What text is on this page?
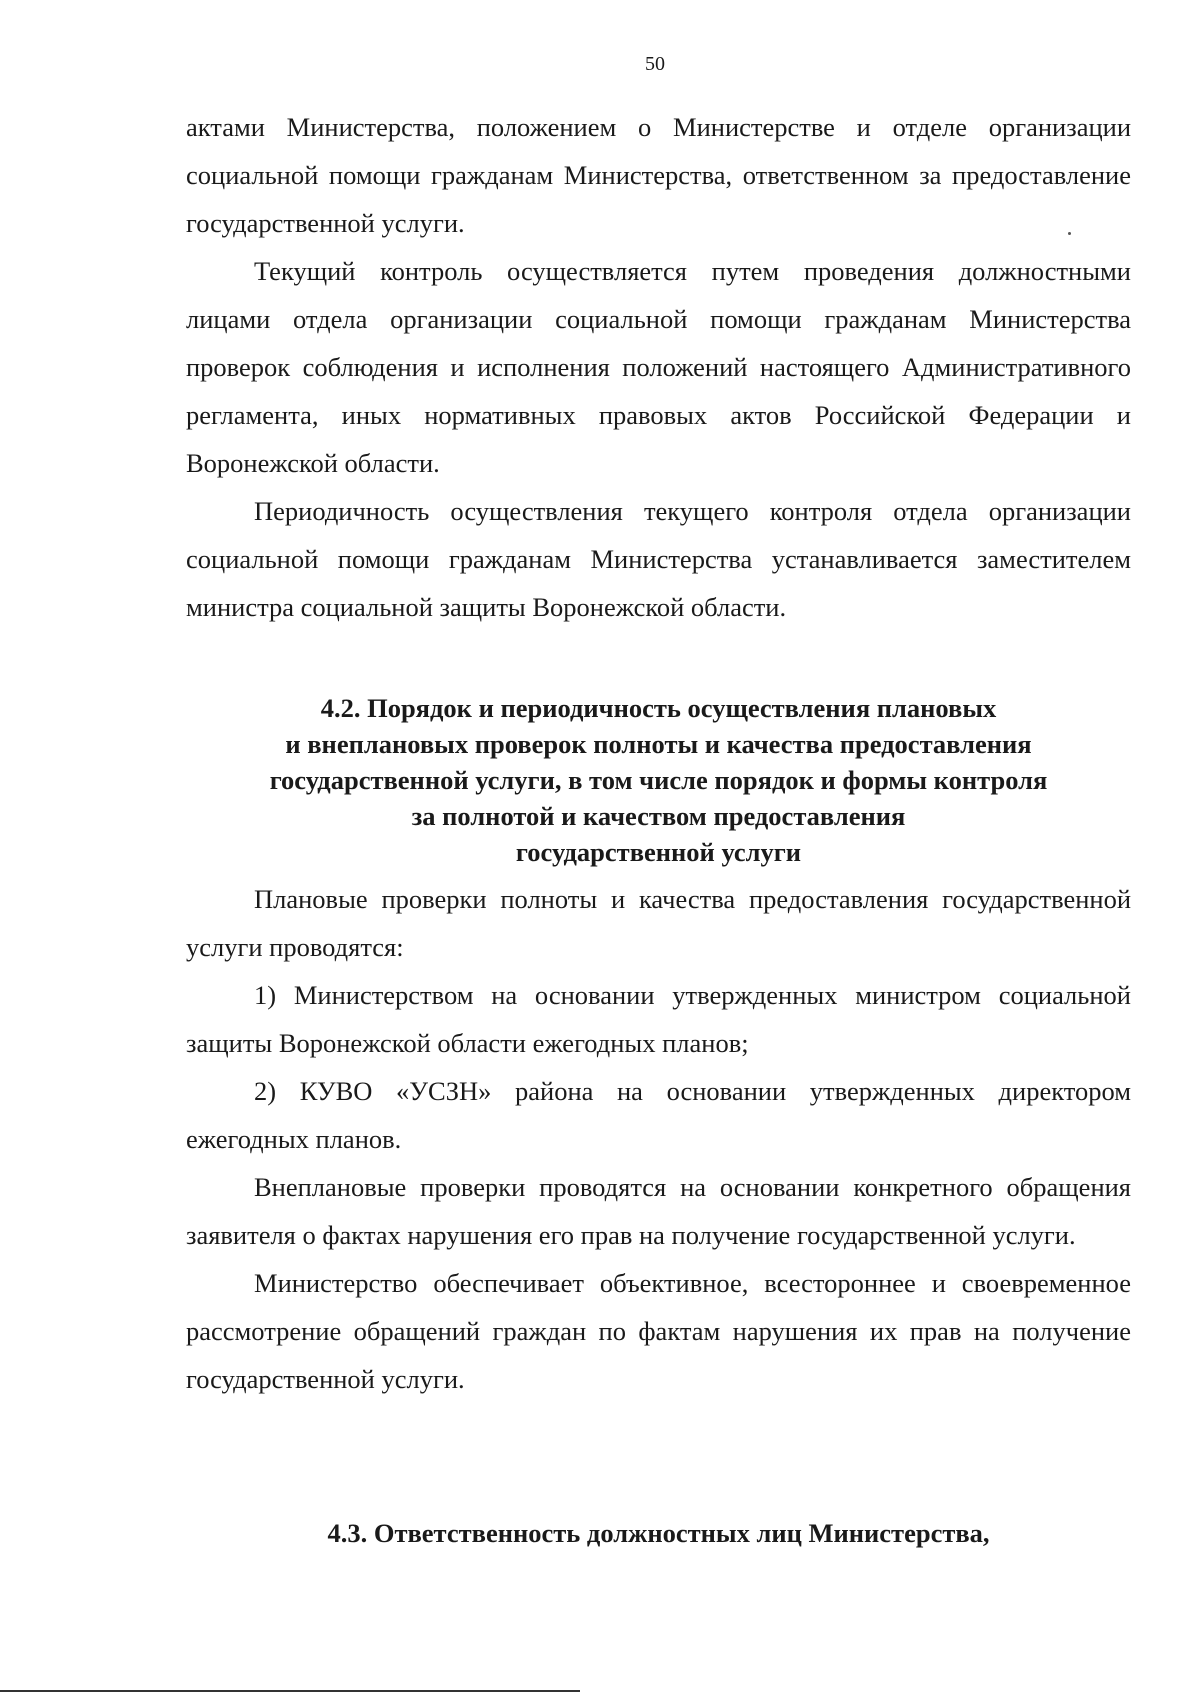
50

актами Министерства, положением о Министерстве и отделе организации социальной помощи гражданам Министерства, ответственном за предоставление государственной услуги.

Текущий контроль осуществляется путем проведения должностными лицами отдела организации социальной помощи гражданам Министерства проверок соблюдения и исполнения положений настоящего Административного регламента, иных нормативных правовых актов Российской Федерации и Воронежской области.

Периодичность осуществления текущего контроля отдела организации социальной помощи гражданам Министерства устанавливается заместителем министра социальной защиты Воронежской области.

4.2. Порядок и периодичность осуществления плановых
и внеплановых проверок полноты и качества предоставления
государственной услуги, в том числе порядок и формы контроля
за полнотой и качеством предоставления
государственной услуги

Плановые проверки полноты и качества предоставления государственной услуги проводятся:

1) Министерством на основании утвержденных министром социальной защиты Воронежской области ежегодных планов;

2) КУВО «УСЗН» района на основании утвержденных директором ежегодных планов.

Внеплановые проверки проводятся на основании конкретного обращения заявителя о фактах нарушения его прав на получение государственной услуги.

Министерство обеспечивает объективное, всестороннее и своевременное рассмотрение обращений граждан по фактам нарушения их прав на получение государственной услуги.

4.3. Ответственность должностных лиц Министерства,
